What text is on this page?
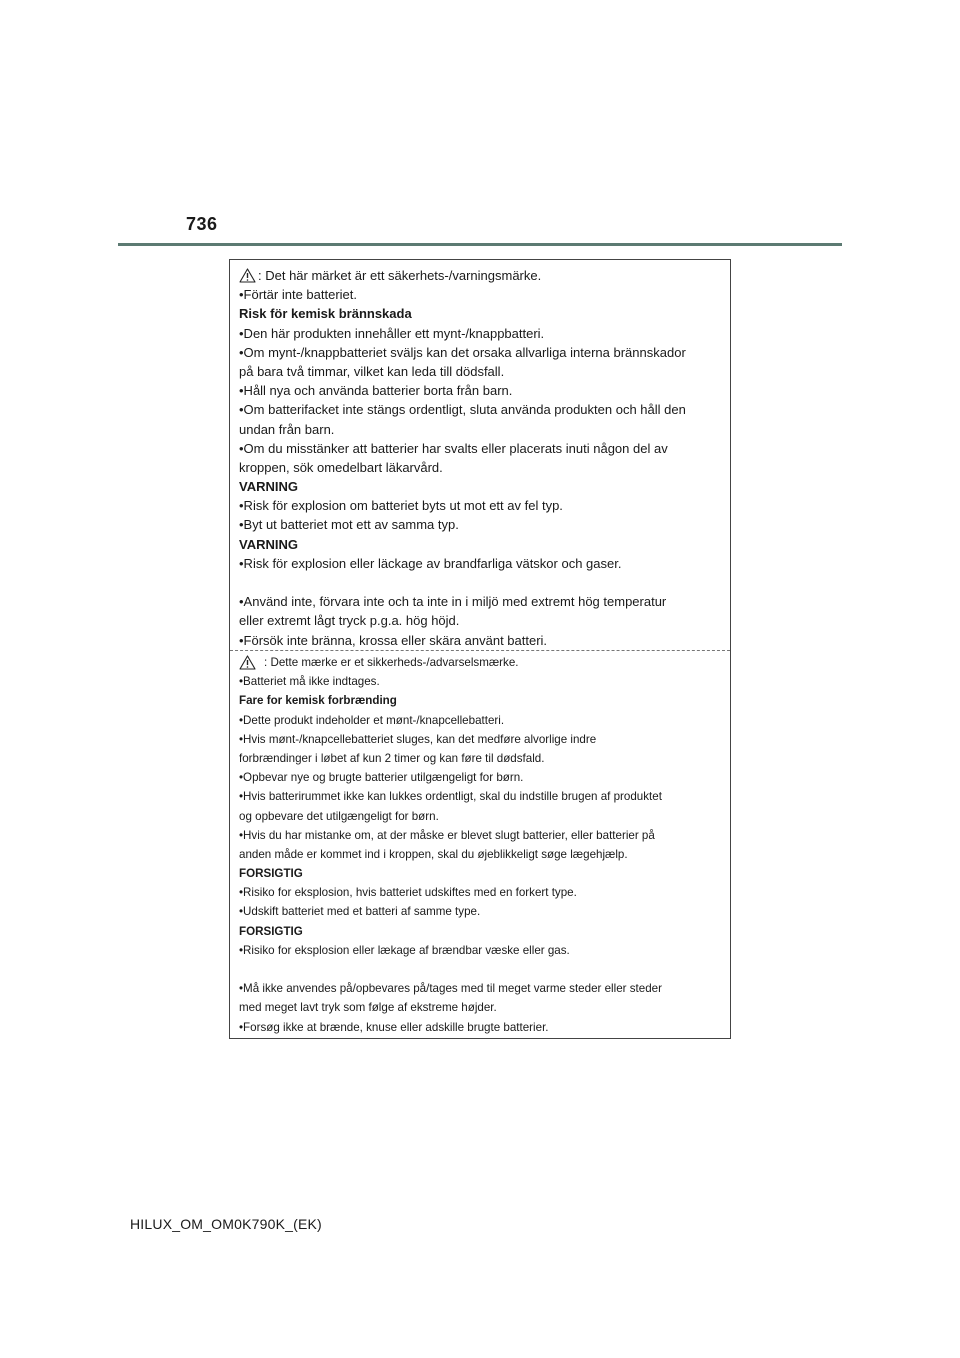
736
: Det här märket är ett säkerhets-/varningsmärke.
•Förtär inte batteriet.
Risk för kemisk brännskada
•Den här produkten innehåller ett mynt-/knappbatteri.
•Om mynt-/knappbatteriet sväljs kan det orsaka allvarliga interna brännskador
på bara två timmar, vilket kan leda till dödsfall.
•Håll nya och använda batterier borta från barn.
•Om batterifacket inte stängs ordentligt, sluta använda produkten och håll den
undan från barn.
•Om du misstänker att batterier har svalts eller placerats inuti någon del av
kroppen, sök omedelbart läkarvård.
VARNING
•Risk för explosion om batteriet byts ut mot ett av fel typ.
•Byt ut batteriet mot ett av samma typ.
VARNING
•Risk för explosion eller läckage av brandfarliga vätskor och gaser.
•Använd inte, förvara inte och ta inte in i miljö med extremt hög temperatur
eller extremt lågt tryck p.g.a. hög höjd.
•Försök inte bränna, krossa eller skära använt batteri.
: Dette mærke er et sikkerheds-/advarselsmærke.
•Batteriet må ikke indtages.
Fare for kemisk forbrænding
•Dette produkt indeholder et mønt-/knapcellebatteri.
•Hvis mønt-/knapcellebatteriet sluges, kan det medføre alvorlige indre
forbrændinger i løbet af kun 2 timer og kan føre til dødsfald.
•Opbevar nye og brugte batterier utilgængeligt for børn.
•Hvis batterirummet ikke kan lukkes ordentligt, skal du indstille brugen af produktet
og opbevare det utilgængeligt for børn.
•Hvis du har mistanke om, at der måske er blevet slugt batterier, eller batterier på
anden måde er kommet ind i kroppen, skal du øjeblikkeligt søge lægehjælp.
FORSIGTIG
•Risiko for eksplosion, hvis batteriet udskiftes med en forkert type.
•Udskift batteriet med et batteri af samme type.
FORSIGTIG
•Risiko for eksplosion eller lækage af brændbar væske eller gas.
•Må ikke anvendes på/opbevares på/tages med til meget varme steder eller steder
med meget lavt tryk som følge af ekstreme højder.
•Forsøg ikke at brænde, knuse eller adskille brugte batterier.
HILUX_OM_OM0K790K_(EK)
